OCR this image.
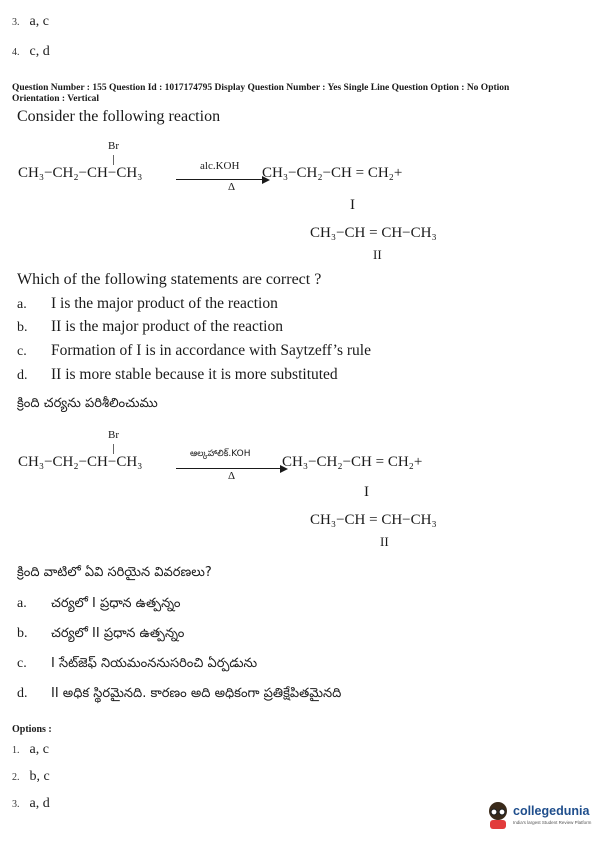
3. a, c
4. c, d
Question Number : 155 Question Id : 1017174795 Display Question Number : Yes Single Line Question Option : No Option
Orientation : Vertical
Consider the following reaction
Br
CH₃−CH₂−CH−CH₃	alc.KOH
Δ
CH₃−CH₂−CH = CH₂+
I
CH₃−CH = CH−CH₃
II
Which of the following statements are correct ?
a. I is the major product of the reaction
b. II is the major product of the reaction
c. Formation of I is in accordance with Saytzeff’s rule
d. II is more stable because it is more substituted
క్రింది చర్యను పరిశీలించుము
Br
CH₃−CH₂−CH−CH₃	ఆల్కహాలిక్.KOH
Δ
CH₃−CH₂−CH = CH₂+
I
CH₃−CH = CH−CH₃
II
క్రింది వాటిలో ఏవి సరియైన వివరణలు?
a. చర్యలో I ప్రధాన ఉత్పన్నం
b. చర్యలో II ప్రధాన ఉత్పన్నం
c. I సేట్‌జెఫ్ నియమంననుసరించి ఏర్పడును
d. II అధిక స్థిరమైనది. కారణం అది అధికంగా ప్రతిక్షేపితమైనది
Options :
1. a, c
2. b, c
3. a, d	collegedunia
India's largest Student Review Platform
